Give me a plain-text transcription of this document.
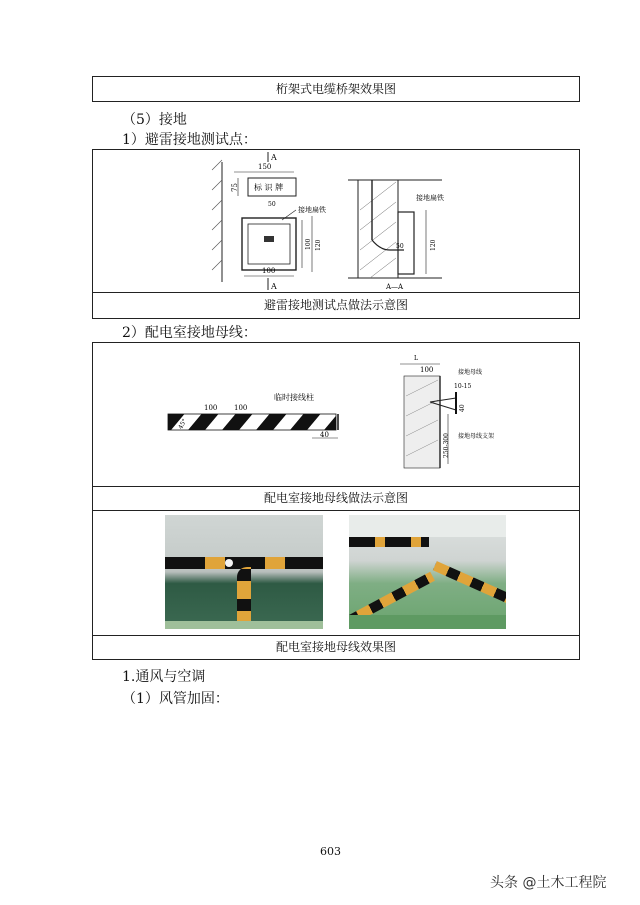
桁架式电缆桥架效果图
（5）接地
1）避雷接地测试点：
避雷接地测试点做法示意图
A
150
标 识 牌
75
50
接地扁铁
100 120
100
A
50	120
接地扁铁
A—A
2）配电室接地母线：
配电室接地母线做法示意图
配电室接地母线效果图
临时接线柱
100 100
45°
40
L
100	接地母线
10-15
40
250-300 接地母线支架
1.通风与空调
（1）风管加固：
603
头条 @土木工程院
